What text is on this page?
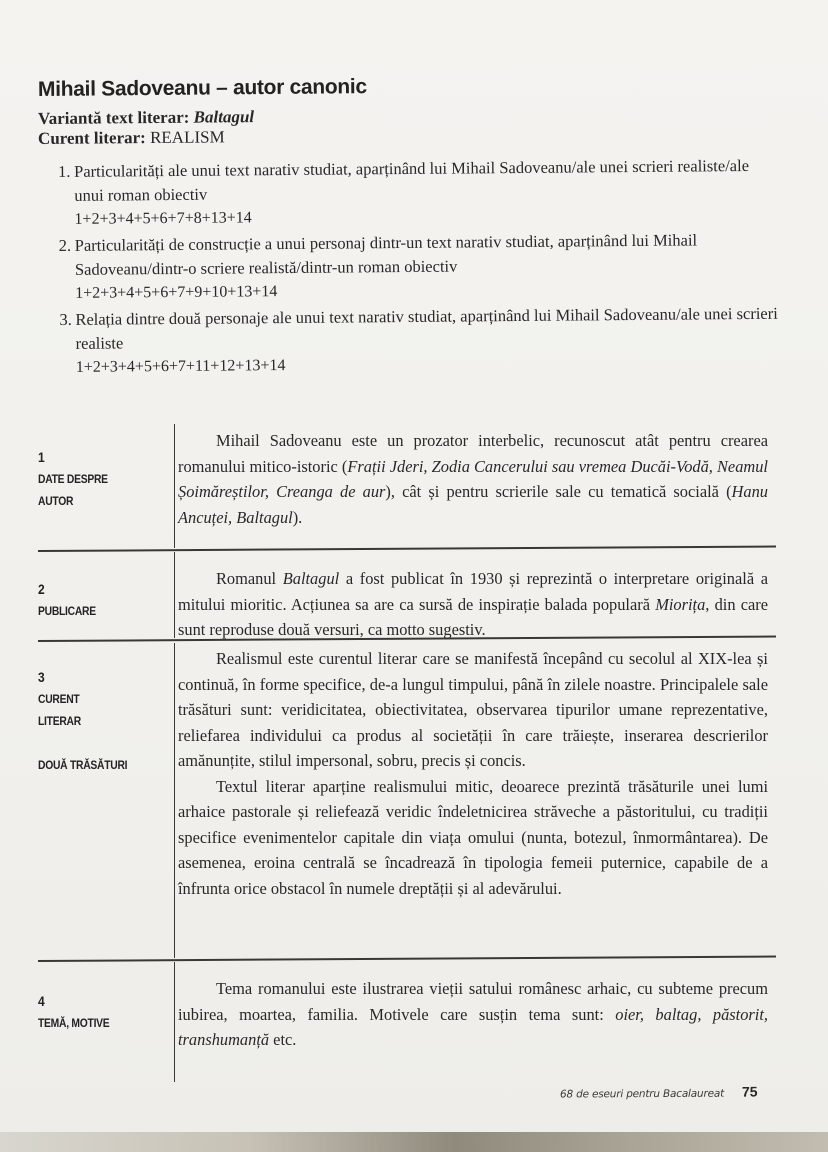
Mihail Sadoveanu – autor canonic
Variantă text literar: Baltagul
Curent literar: REALISM
1. Particularități ale unui text narativ studiat, aparținând lui Mihail Sadoveanu/ale unei scrieri realiste/ale unui roman obiectiv
1+2+3+4+5+6+7+8+13+14
2. Particularități de construcție a unui personaj dintr-un text narativ studiat, aparținând lui Mihail Sadoveanu/dintr-o scriere realistă/dintr-un roman obiectiv
1+2+3+4+5+6+7+9+10+13+14
3. Relația dintre două personaje ale unui text narativ studiat, aparținând lui Mihail Sadoveanu/ale unei scrieri realiste
1+2+3+4+5+6+7+11+12+13+14
1
DATE DESPRE
AUTOR

Mihail Sadoveanu este un prozator interbelic, recunoscut atât pentru crearea romanului mitico-istoric (Frații Jderi, Zodia Cancerului sau vremea Ducăi-Vodă, Neamul Șoimăreștilor, Creanga de aur), cât și pentru scrierile sale cu tematică socială (Hanu Ancuței, Baltagul).

2
PUBLICARE

Romanul Baltagul a fost publicat în 1930 și reprezintă o interpretare originală a mitului mioritic. Acțiunea sa are ca sursă de inspirație balada populară Miorița, din care sunt reproduse două versuri, ca motto sugestiv.

3
CURENT
LITERAR
DOUĂ TRĂSĂTURI

Realismul este curentul literar care se manifestă începând cu secolul al XIX-lea și continuă, în forme specifice, de-a lungul timpului, până în zilele noastre. Principalele sale trăsături sunt: veridicitatea, obiectivitatea, observarea tipurilor umane reprezentative, reliefarea individului ca produs al societății în care trăiește, inserarea descrierilor amănunțite, stilul impersonal, sobru, precis și concis.

Textul literar aparține realismului mitic, deoarece prezintă trăsăturile unei lumi arhaice pastorale și reliefează veridic îndeletnicirea străveche a păstoritului, cu tradiții specifice evenimentelor capitale din viața omului (nunta, botezul, înmormântarea). De asemenea, eroina centrală se încadrează în tipologia femeii puternice, capabile de a înfrunta orice obstacol în numele dreptății și al adevărului.

4
TEMĂ, MOTIVE

Tema romanului este ilustrarea vieții satului românesc arhaic, cu subteme precum iubirea, moartea, familia. Motivele care susțin tema sunt: oier, baltag, păstorit, transhumanță etc.

68 de eseuri pentru Bacalaureat 75
